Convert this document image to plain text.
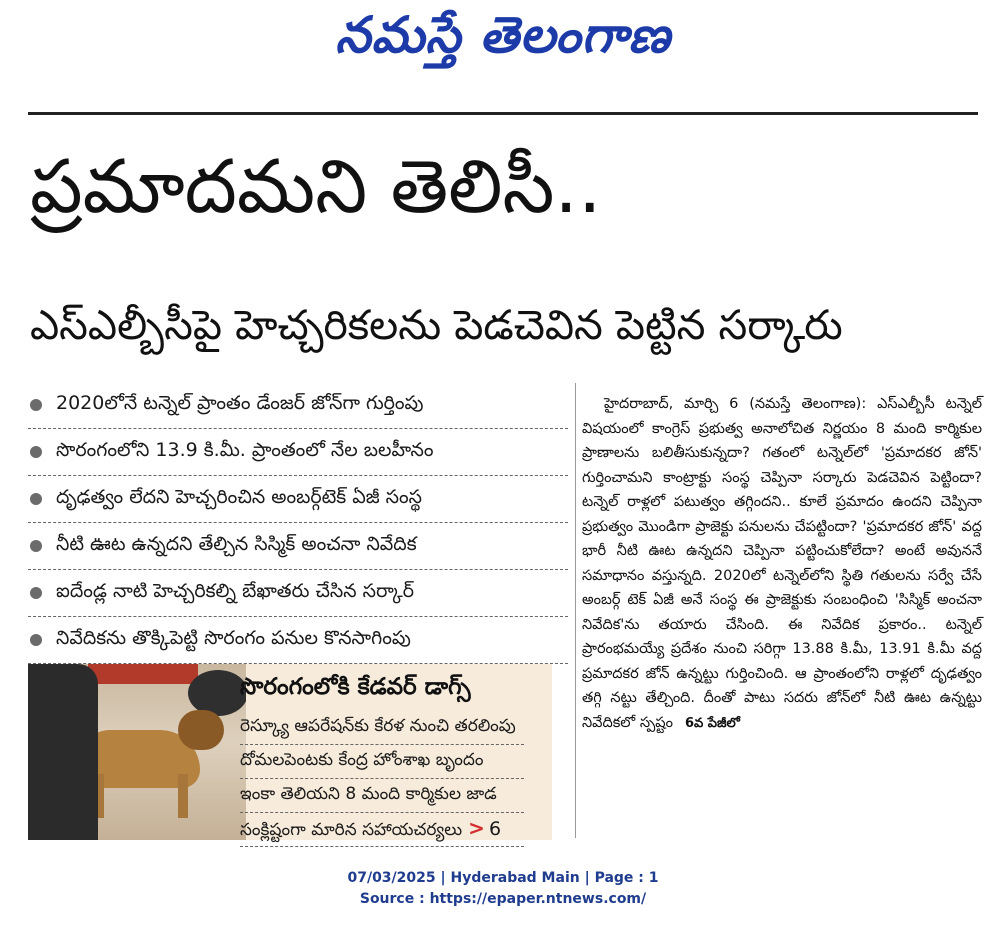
నమస్తే తెలంగాణ
ప్రమాదమని తెలిసీ..
ఎస్ఎల్బీసీపై హెచ్చరికలను పెడచెవిన పెట్టిన సర్కారు
2020లోనే టన్నెల్ ప్రాంతం డేంజర్ జోన్‌గా గుర్తింపు
సొరంగంలోని 13.9 కి.మీ. ప్రాంతంలో నేల బలహీనం
దృఢత్వం లేదని హెచ్చరించిన అంబర్గ్‌టెక్ ఏజీ సంస్థ
నీటి ఊట ఉన్నదని తేల్చిన సిస్మిక్ అంచనా నివేదిక
ఐదేండ్ల నాటి హెచ్చరికల్ని బేఖాతరు చేసిన సర్కార్
నివేదికను తొక్కిపెట్టి సొరంగం పనుల కొనసాగింపు
సొరంగంలోకి కేడవర్ డాగ్స్
రెస్క్యూ ఆపరేషన్‌కు కేరళ నుంచి తరలింపు
దోమలపెంటకు కేంద్ర హోంశాఖ బృందం
ఇంకా తెలియని 8 మంది కార్మికుల జాడ
సంక్లిష్టంగా మారిన సహాయచర్యలు > 6

హైదరాబాద్, మార్చి 6 (నమస్తే తెలంగాణ): ఎస్ఎల్బీసీ టన్నెల్ విషయంలో కాంగ్రెస్ ప్రభుత్వ అనాలోచిత నిర్ణయం 8 మంది కార్మికుల ప్రాణాలను బలితీసుకున్నదా? గతంలో టన్నెల్‌లో 'ప్రమాదకర జోన్' గుర్తించామని కాంట్రాక్టు సంస్థ చెప్పినా సర్కారు పెడచెవిన పెట్టిందా? టన్నెల్ రాళ్లలో పటుత్వం తగ్గిందని.. కూలే ప్రమాదం ఉందని చెప్పినా ప్రభుత్వం మొండిగా ప్రాజెక్టు పనులను చేపట్టిందా? 'ప్రమాదకర జోన్' వద్ద భారీ నీటి ఊట ఉన్నదని చెప్పినా పట్టించుకోలేదా? అంటే అవుననే సమాధానం వస్తున్నది. 2020లో టన్నెల్‌లోని స్థితి గతులను సర్వే చేసే అంబర్గ్ టెక్ ఏజీ అనే సంస్థ ఈ ప్రాజెక్టుకు సంబంధించి 'సిస్మిక్ అంచనా నివేదిక'ను తయారు చేసింది. ఈ నివేదిక ప్రకారం.. టన్నెల్ ప్రారంభమయ్యే ప్రదేశం నుంచి సరిగ్గా 13.88 కి.మీ, 13.91 కి.మీ వద్ద ప్రమాదకర జోన్ ఉన్నట్టు గుర్తించింది. ఆ ప్రాంతంలోని రాళ్లలో దృఢత్వం తగ్గి నట్టు తేల్చింది. దీంతో పాటు సదరు జోన్‌లో నీటి ఊట ఉన్నట్టు నివేదికలో స్పష్టం 6వ పేజీలో

07/03/2025 | Hyderabad Main | Page : 1
Source : https://epaper.ntnews.com/
